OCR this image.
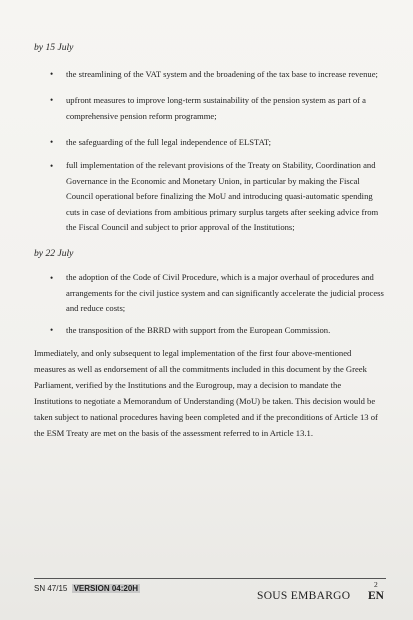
by 15 July
• the streamlining of the VAT system and the broadening of the tax base to increase revenue;
• upfront measures to improve long-term sustainability of the pension system as part of a
comprehensive pension reform programme;
• the safeguarding of the full legal independence of ELSTAT;
• full implementation of the relevant provisions of the Treaty on Stability, Coordination and
Governance in the Economic and Monetary Union, in particular by making the Fiscal
Council operational before finalizing the MoU and introducing quasi-automatic spending
cuts in case of deviations from ambitious primary surplus targets after seeking advice from
the Fiscal Council and subject to prior approval of the Institutions;
by 22 July
• the adoption of the Code of Civil Procedure, which is a major overhaul of procedures and
arrangements for the civil justice system and can significantly accelerate the judicial process
and reduce costs;
• the transposition of the BRRD with support from the European Commission.
Immediately, and only subsequent to legal implementation of the first four above-mentioned
measures as well as endorsement of all the commitments included in this document by the Greek
Parliament, verified by the Institutions and the Eurogroup, may a decision to mandate the
Institutions to negotiate a Memorandum of Understanding (MoU) be taken. This decision would be
taken subject to national procedures having been completed and if the preconditions of Article 13 of
the ESM Treaty are met on the basis of the assessment referred to in Article 13.1.
SN 47/15 VERSION 04:20H	2
SOUS EMBARGO EN
